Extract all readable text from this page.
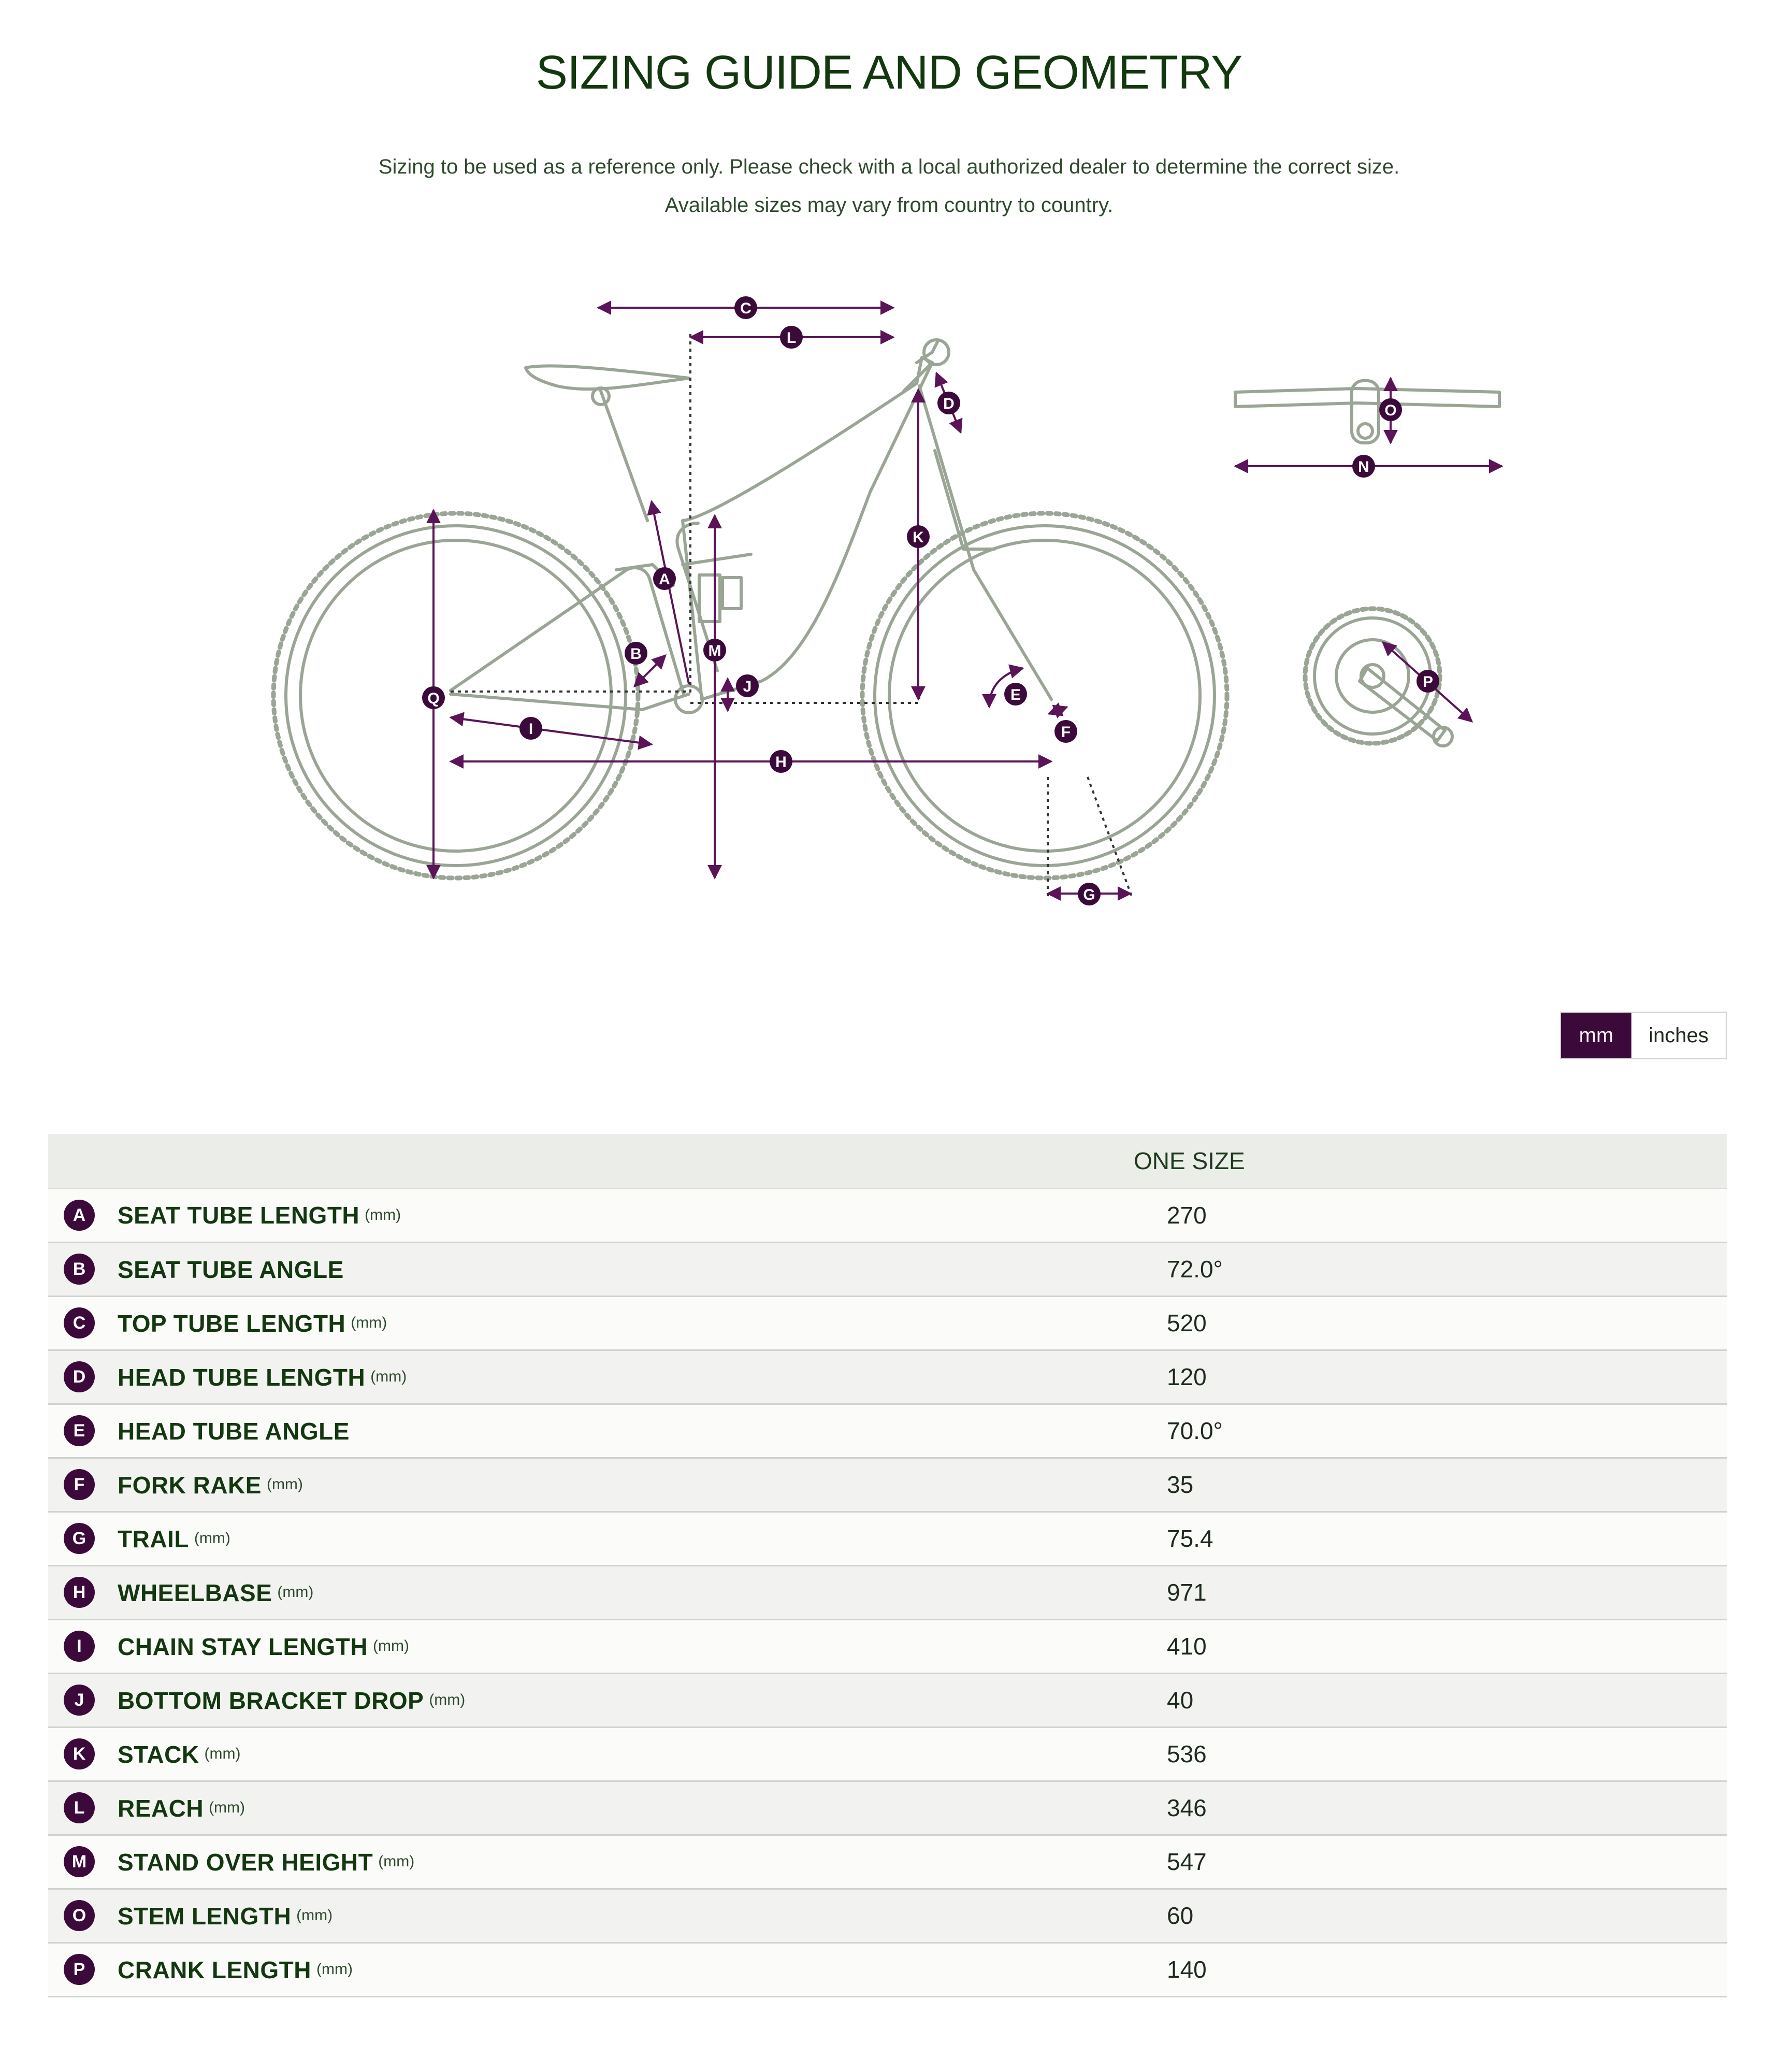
SIZING GUIDE AND GEOMETRY
Sizing to be used as a reference only. Please check with a local authorized dealer to determine the correct size.
Available sizes may vary from country to country.
C
L
D
K
A
B	M
J
Q
I
H
E
F
G
O
N
P
mm	inches
	ONE SIZE
A SEAT TUBE LENGTH (mm)	270
B SEAT TUBE ANGLE	72.0°
C TOP TUBE LENGTH (mm)	520
D HEAD TUBE LENGTH (mm)	120
E HEAD TUBE ANGLE	70.0°
F FORK RAKE (mm)	35
G TRAIL (mm)	75.4
H WHEELBASE (mm)	971
I CHAIN STAY LENGTH (mm)	410
J BOTTOM BRACKET DROP (mm)	40
K STACK (mm)	536
L REACH (mm)	346
M STAND OVER HEIGHT (mm)	547
O STEM LENGTH (mm)	60
P CRANK LENGTH (mm)	140
